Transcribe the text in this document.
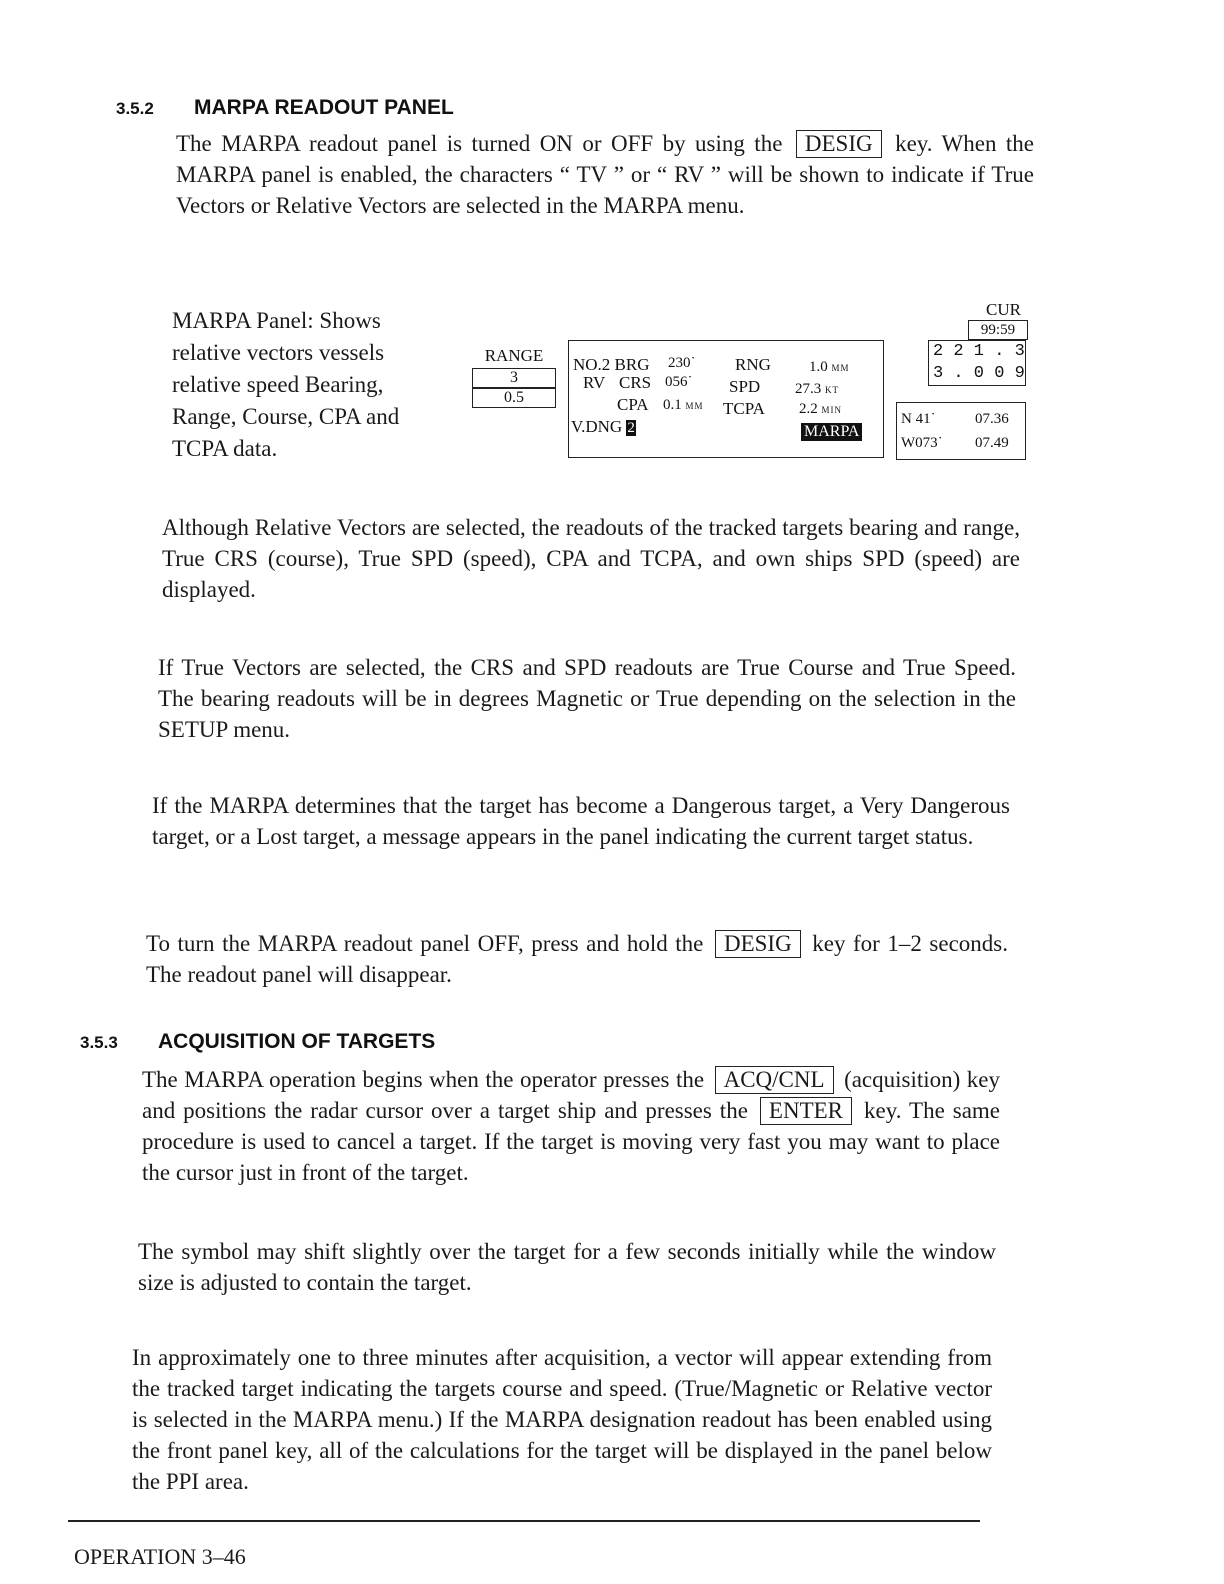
3.5.2 MARPA READOUT PANEL
The MARPA readout panel is turned ON or OFF by using the DESIG key. When the MARPA panel is enabled, the characters “ TV ” or “ RV ” will be shown to indicate if True Vectors or Relative Vectors are selected in the MARPA menu.
MARPA Panel: Shows relative vectors vessels relative speed Bearing, Range, Course, CPA and TCPA data.
RANGE
3
0.5
NO.2 BRG 230˙ RNG	1.0 MM
RV CRS 056˙ SPD 27.3 KT
CPA 0.1 MM TCPA 2.2 MIN
V.DNG 2	MARPA
CUR
99:59
2 2 1 . 3
3 . 0 0 9
N 41˙	07.36
W073˙ 07.49
Although Relative Vectors are selected, the readouts of the tracked targets bearing and range, True CRS (course), True SPD (speed), CPA and TCPA, and own ships SPD (speed) are displayed.
If True Vectors are selected, the CRS and SPD readouts are True Course and True Speed. The bearing readouts will be in degrees Magnetic or True depending on the selection in the SETUP menu.
If the MARPA determines that the target has become a Dangerous target, a Very Dangerous target, or a Lost target, a message appears in the panel indicating the current target status.
To turn the MARPA readout panel OFF, press and hold the DESIG key for 1–2 seconds. The readout panel will disappear.
3.5.3 ACQUISITION OF TARGETS
The MARPA operation begins when the operator presses the ACQ/CNL (acquisition) key and positions the radar cursor over a target ship and presses the ENTER key. The same procedure is used to cancel a target. If the target is moving very fast you may want to place the cursor just in front of the target.
The symbol may shift slightly over the target for a few seconds initially while the window size is adjusted to contain the target.
In approximately one to three minutes after acquisition, a vector will appear extending from the tracked target indicating the targets course and speed. (True/Magnetic or Relative vector is selected in the MARPA menu.) If the MARPA designation readout has been enabled using the front panel key, all of the calculations for the target will be displayed in the panel below the PPI area.
OPERATION 3–46
